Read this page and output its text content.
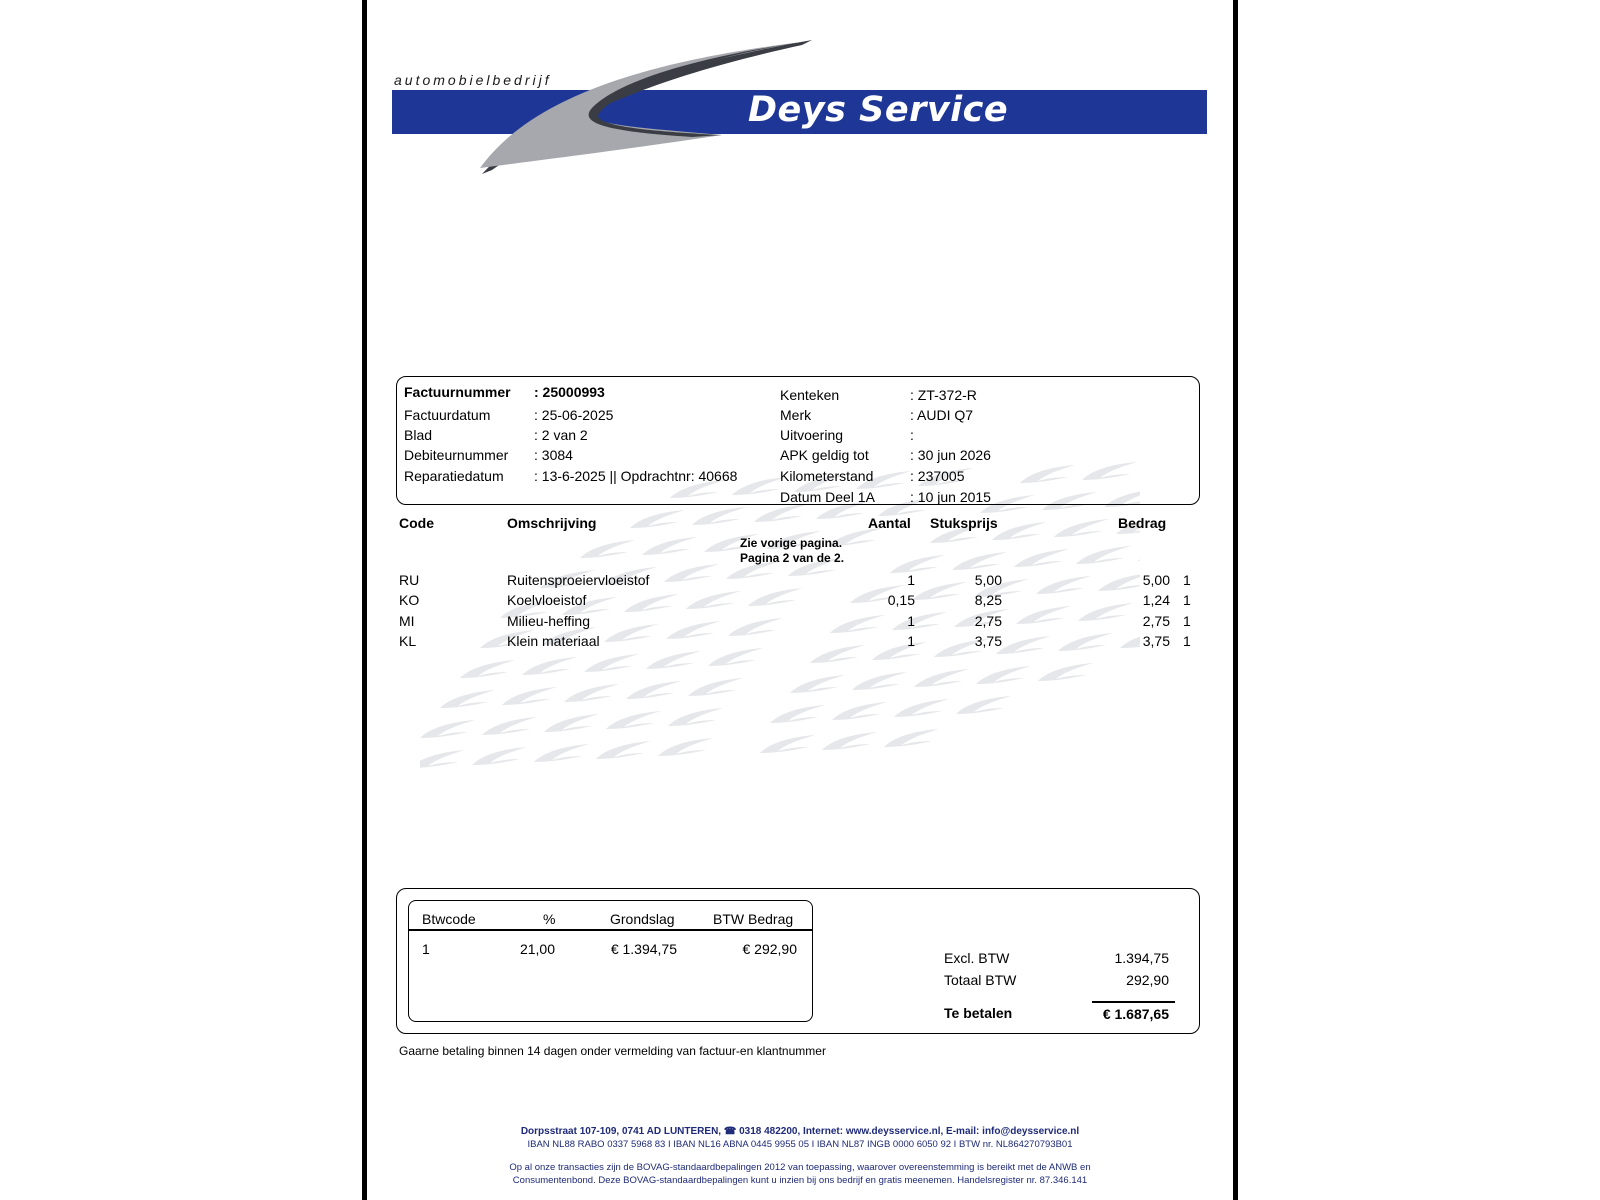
automobielbedrijf
Deys Service
Factuurnummer : 25000993
Factuurdatum	: 25-06-2025
Blad	: 2 van 2
Debiteurnummer : 3084
Reparatiedatum : 13-6-2025 || Opdrachtnr: 40668
Kenteken	: ZT-372-R
Merk	: AUDI Q7
Uitvoering	:
APK geldig tot	: 30 jun 2026
Kilometerstand	: 237005
Datum Deel 1A	: 10 jun 2015
Code	Omschrijving	Aantal Stuksprijs	Bedrag
Zie vorige pagina.
Pagina 2 van de 2.
RU	Ruitensproeiervloeistof	1	5,00	5,00 1
KO	Koelvloeistof	0,15	8,25	1,24 1
MI	Milieu-heffing	1	2,75	2,75 1
KL	Klein materiaal	1	3,75	3,75 1
Btwcode	%	Grondslag	BTW Bedrag
1	21,00	€ 1.394,75	€ 292,90
Excl. BTW	1.394,75
Totaal BTW	292,90
Te betalen	€ 1.687,65
Gaarne betaling binnen 14 dagen onder vermelding van factuur-en klantnummer
Dorpsstraat 107-109, 0741 AD LUNTEREN, ☎ 0318 482200, Internet: www.deysservice.nl, E-mail: info@deysservice.nl
IBAN NL88 RABO 0337 5968 83 I IBAN NL16 ABNA 0445 9955 05 I IBAN NL87 INGB 0000 6050 92 I BTW nr. NL864270793B01
Op al onze transacties zijn de BOVAG-standaardbepalingen 2012 van toepassing, waarover overeenstemming is bereikt met de ANWB en
Consumentenbond. Deze BOVAG-standaardbepalingen kunt u inzien bij ons bedrijf en gratis meenemen. Handelsregister nr. 87.346.141
